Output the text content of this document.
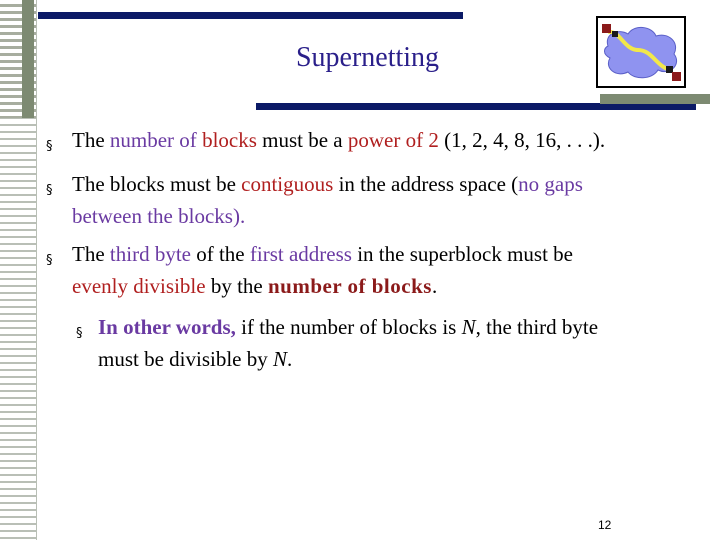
Supernetting
§ The number of blocks must be a power of 2 (1, 2, 4, 8, 16, . . .).
§ The blocks must be contiguous in the address space (no gaps
between the blocks).
§ The third byte of the first address in the superblock must be
evenly divisible by the number of blocks.
§ In other words, if the number of blocks is N, the third byte
must be divisible by N.
12
